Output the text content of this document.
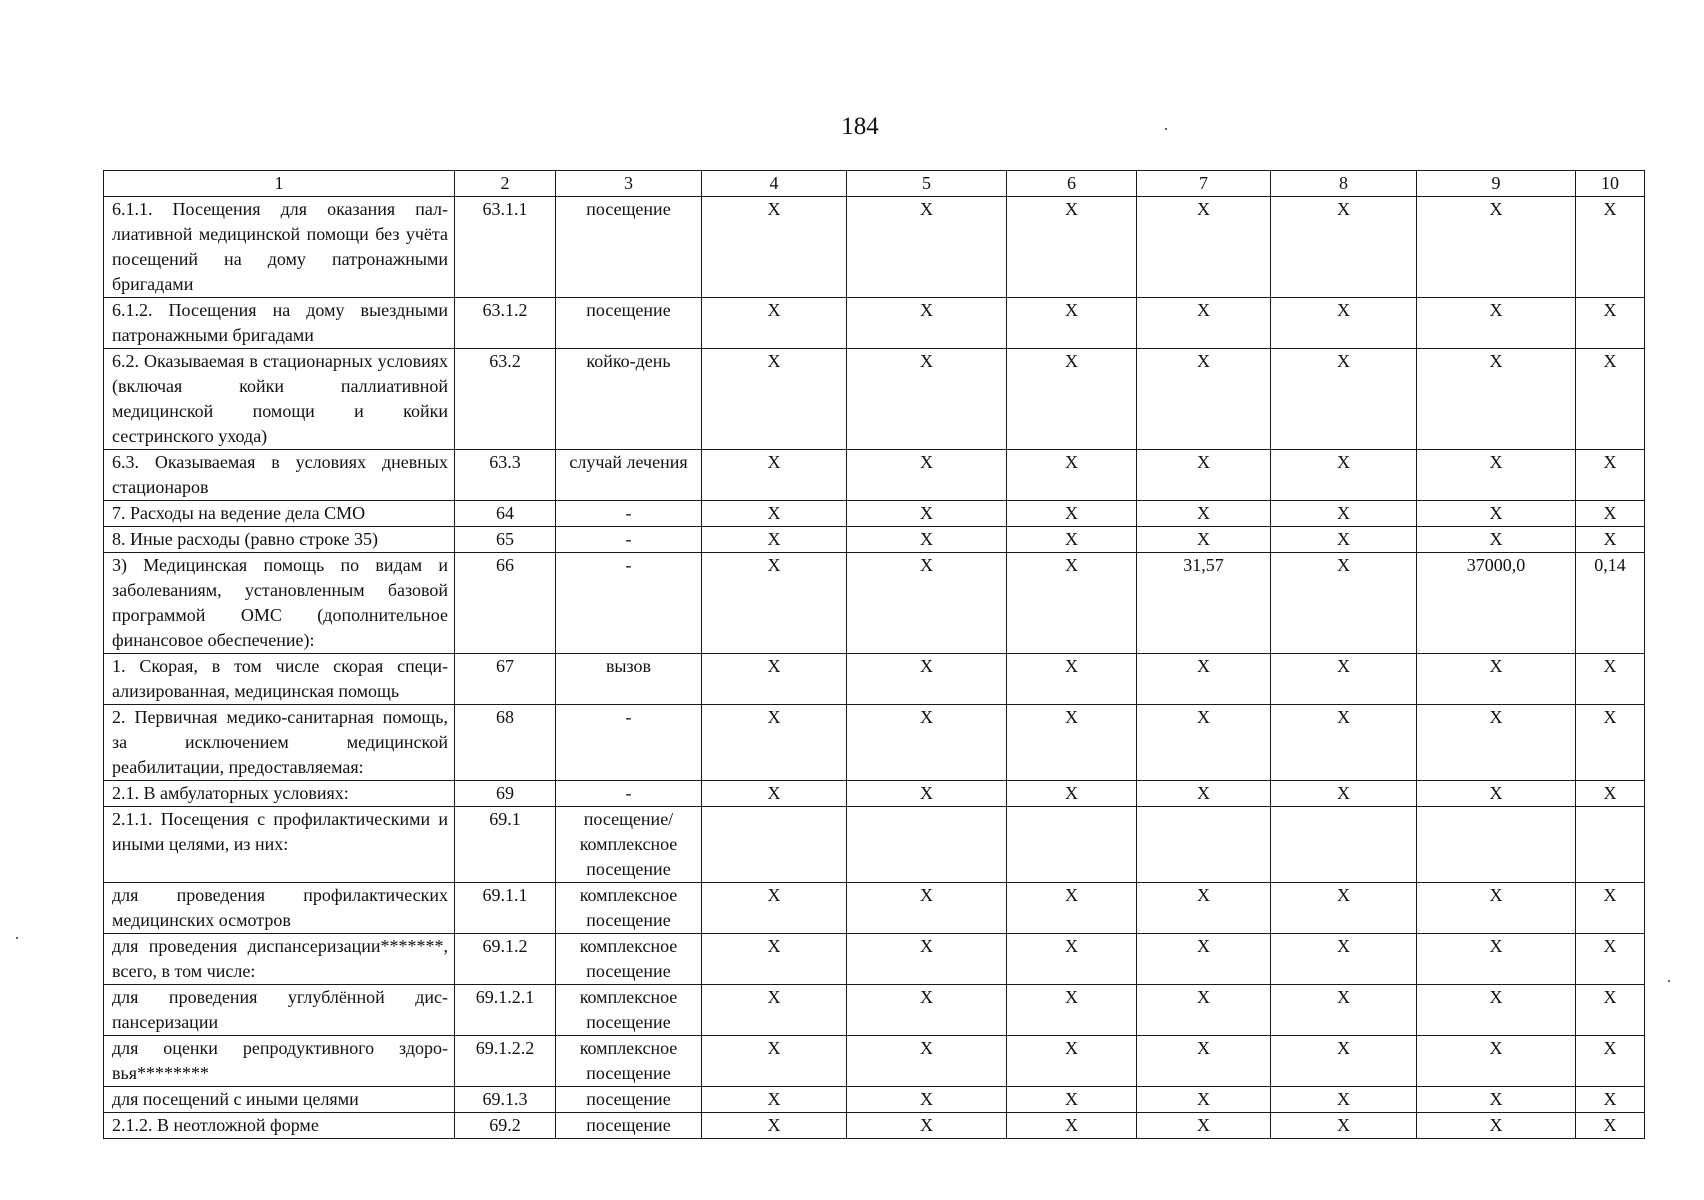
184
1	2	3	4	5	6	7	8	9	10
6.1.1. Посещения для оказания паллиативной медицинской помощи без учёта посещений на дому патронажными бригадами	63.1.1	посещение	Х	Х	Х	Х	Х	Х	Х
6.1.2. Посещения на дому выездными патронажными бригадами	63.1.2	посещение	Х	Х	Х	Х	Х	Х	Х
6.2. Оказываемая в стационарных условиях (включая койки паллиативной медицинской помощи и койки сестринского ухода)	63.2	койко-день	Х	Х	Х	Х	Х	Х	Х
6.3. Оказываемая в условиях дневных стационаров	63.3	случай лечения	Х	Х	Х	Х	Х	Х	Х
7. Расходы на ведение дела СМО	64	-	Х	Х	Х	Х	Х	Х	Х
8. Иные расходы (равно строке 35)	65	-	Х	Х	Х	Х	Х	Х	Х
3) Медицинская помощь по видам и заболеваниям, установленным базовой программой ОМС (дополнительное финансовое обеспечение):	66	-	Х	Х	Х	31,57	Х	37000,0	0,14
1. Скорая, в том числе скорая специализированная, медицинская помощь	67	вызов	Х	Х	Х	Х	Х	Х	Х
2. Первичная медико-санитарная помощь, за исключением медицинской реабилитации, предоставляемая:	68	-	Х	Х	Х	Х	Х	Х	Х
2.1. В амбулаторных условиях:	69	-	Х	Х	Х	Х	Х	Х	Х
2.1.1. Посещения с профилактическими и иными целями, из них:	69.1	посещение/ комплексное посещение							
для проведения профилактических медицинских осмотров	69.1.1	комплексное посещение	Х	Х	Х	Х	Х	Х	Х
для проведения диспансеризации*******, всего, в том числе:	69.1.2	комплексное посещение	Х	Х	Х	Х	Х	Х	Х
для проведения углублённой диспансеризации	69.1.2.1	комплексное посещение	Х	Х	Х	Х	Х	Х	Х
для оценки репродуктивного здоровья********	69.1.2.2	комплексное посещение	Х	Х	Х	Х	Х	Х	Х
для посещений с иными целями	69.1.3	посещение	Х	Х	Х	Х	Х	Х	Х
2.1.2. В неотложной форме	69.2	посещение	Х	Х	Х	Х	Х	Х	Х
